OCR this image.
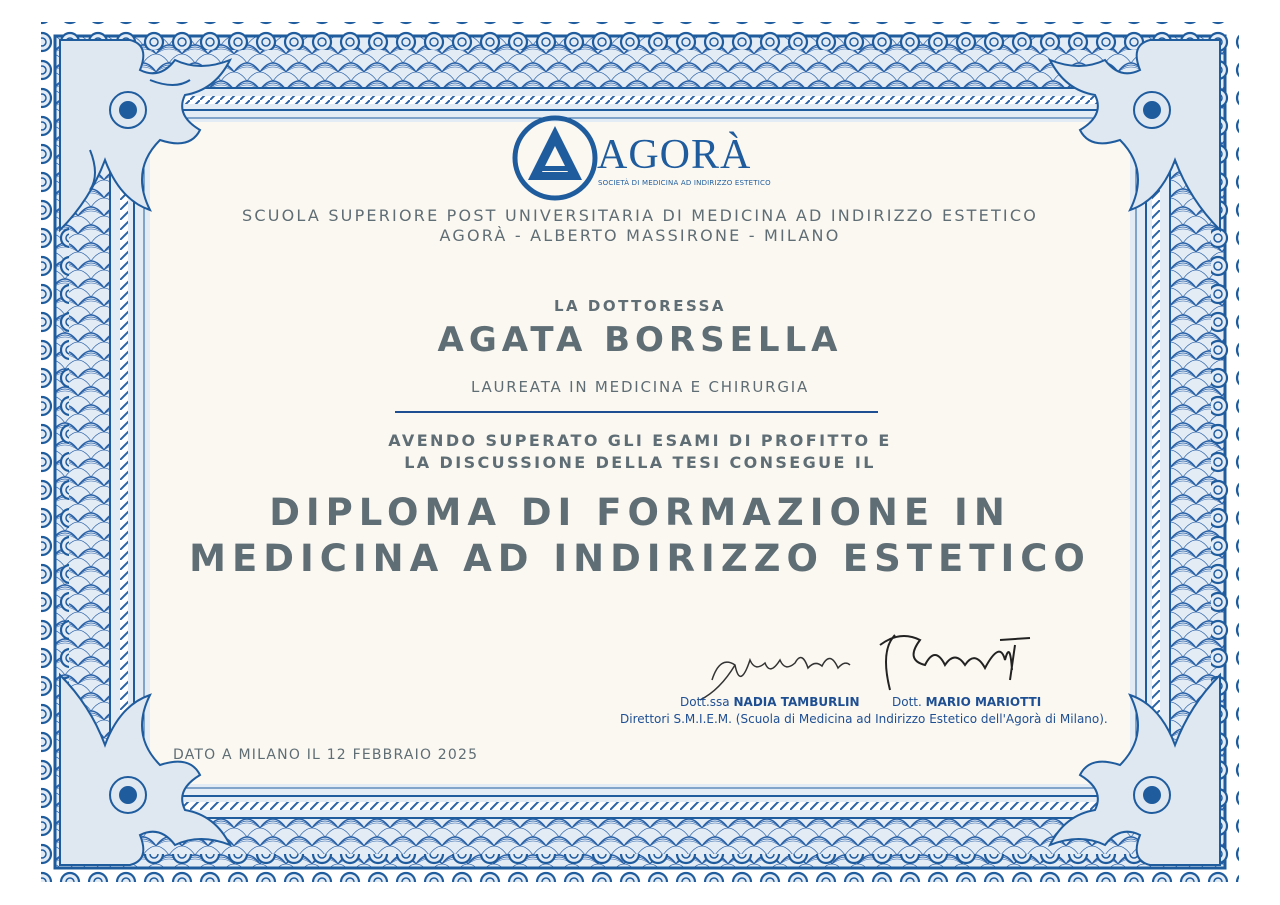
AGORÀ
SOCIETÀ DI MEDICINA AD INDIRIZZO ESTETICO
SCUOLA SUPERIORE POST UNIVERSITARIA DI MEDICINA AD INDIRIZZO ESTETICO
AGORÀ - ALBERTO MASSIRONE - MILANO
LA DOTTORESSA
AGATA BORSELLA
LAUREATA IN MEDICINA E CHIRURGIA
AVENDO SUPERATO GLI ESAMI DI PROFITTO E
LA DISCUSSIONE DELLA TESI CONSEGUE IL
DIPLOMA DI FORMAZIONE IN
MEDICINA AD INDIRIZZO ESTETICO
Dott.ssa NADIA TAMBURLIN	Dott. MARIO MARIOTTI
Direttori S.M.I.E.M. (Scuola di Medicina ad Indirizzo Estetico dell'Agorà di Milano).
DATO A MILANO IL 12 FEBBRAIO 2025
